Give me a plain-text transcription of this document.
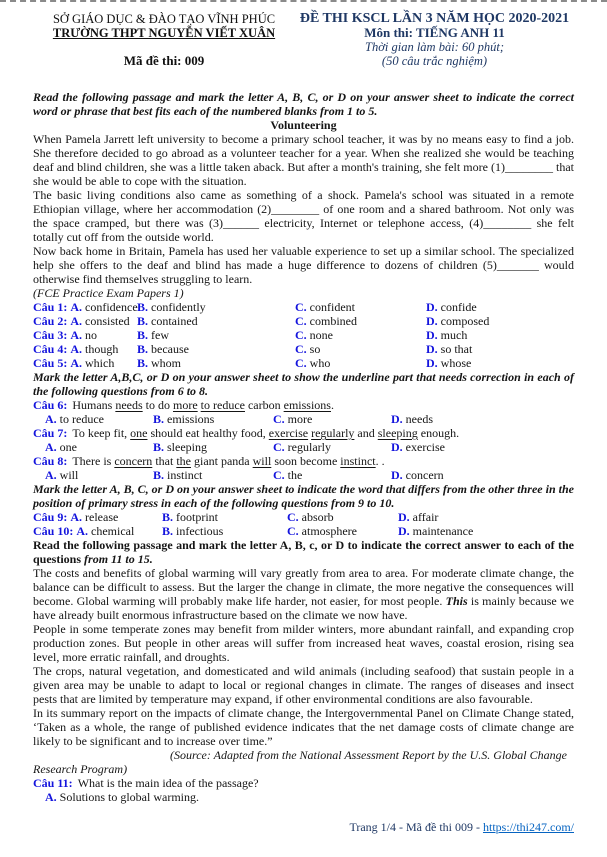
SỞ GIÁO DỤC & ĐÀO TẠO VĨNH PHÚC
TRƯỜNG THPT NGUYỄN VIẾT XUÂN
Mã đề thi: 009
ĐỀ THI KSCL LẦN 3 NĂM HỌC 2020-2021
Môn thi: TIẾNG ANH 11
Thời gian làm bài: 60 phút;
(50 câu trắc nghiệm)
Read the following passage and mark the letter A, B, C, or D on your answer sheet to indicate the correct word or phrase that best fits each of the numbered blanks from 1 to 5.
Volunteering
When Pamela Jarrett left university to become a primary school teacher, it was by no means easy to find a job. She therefore decided to go abroad as a volunteer teacher for a year. When she realized she would be teaching deaf and blind children, she was a little taken aback. But after a month's training, she felt more (1)________ that she would be able to cope with the situation.
The basic living conditions also came as something of a shock. Pamela's school was situated in a remote Ethiopian village, where her accommodation (2)________ of one room and a shared bathroom. Not only was the space cramped, but there was (3)______ electricity, Internet or telephone access, (4)________ she felt totally cut off from the outside world.
Now back home in Britain, Pamela has used her valuable experience to set up a similar school. The specialized help she offers to the deaf and blind has made a huge difference to dozens of children (5)_______ would otherwise find themselves struggling to learn.
(FCE Practice Exam Papers 1)
Câu 1: A. confidence B. confidently	C. confident	D. confide
Câu 2: A. consisted B. contained	C. combined	D. composed
Câu 3: A. no	B. few	C. none	D. much
Câu 4: A. though B. because	C. so	D. so that
Câu 5: A. which B. whom	C. who	D. whose
Mark the letter A,B,C, or D on your answer sheet to show the underline part that needs correction in each of the following questions from 6 to 8.
Câu 6: Humans needs to do more to reduce carbon emissions.
A. to reduce	B. emissions	C. more	D. needs
Câu 7: To keep fit, one should eat healthy food, exercise regularly and sleeping enough.
A. one	B. sleeping	C. regularly	D. exercise
Câu 8: There is concern that the giant panda will soon become instinct. .
A. will	B. instinct	C. the	D. concern
Mark the letter A, B, C, or D on your answer sheet to indicate the word that differs from the other three in the position of primary stress in each of the following questions from 9 to 10.
Câu 9: A. release	B. footprint	C. absorb	D. affair
Câu 10: A. chemical B. infectious	C. atmosphere	D. maintenance
Read the following passage and mark the letter A, B, c, or D to indicate the correct answer to each of the questions from 11 to 15.
The costs and benefits of global warming will vary greatly from area to area. For moderate climate change, the balance can be difficult to assess. But the larger the change in climate, the more negative the consequences will become. Global warming will probably make life harder, not easier, for most people. This is mainly because we have already built enormous infrastructure based on the climate we now have.
People in some temperate zones may benefit from milder winters, more abundant rainfall, and expanding crop production zones. But people in other areas will suffer from increased heat waves, coastal erosion, rising sea level, more erratic rainfall, and droughts.
The crops, natural vegetation, and domesticated and wild animals (including seafood) that sustain people in a given area may be unable to adapt to local or regional changes in climate. The ranges of diseases and insect pests that are limited by temperature may expand, if other environmental conditions are also favourable.
In its summary report on the impacts of climate change, the Intergovernmental Panel on Climate Change stated, ‘Taken as a whole, the range of published evidence indicates that the net damage costs of climate change are likely to be significant and to increase over time.”
(Source: Adapted from the National Assessment Report by the U.S. Global Change Research Program)
Câu 11: What is the main idea of the passage?
A. Solutions to global warming.
Trang 1/4 - Mã đề thi 009 - https://thi247.com/
